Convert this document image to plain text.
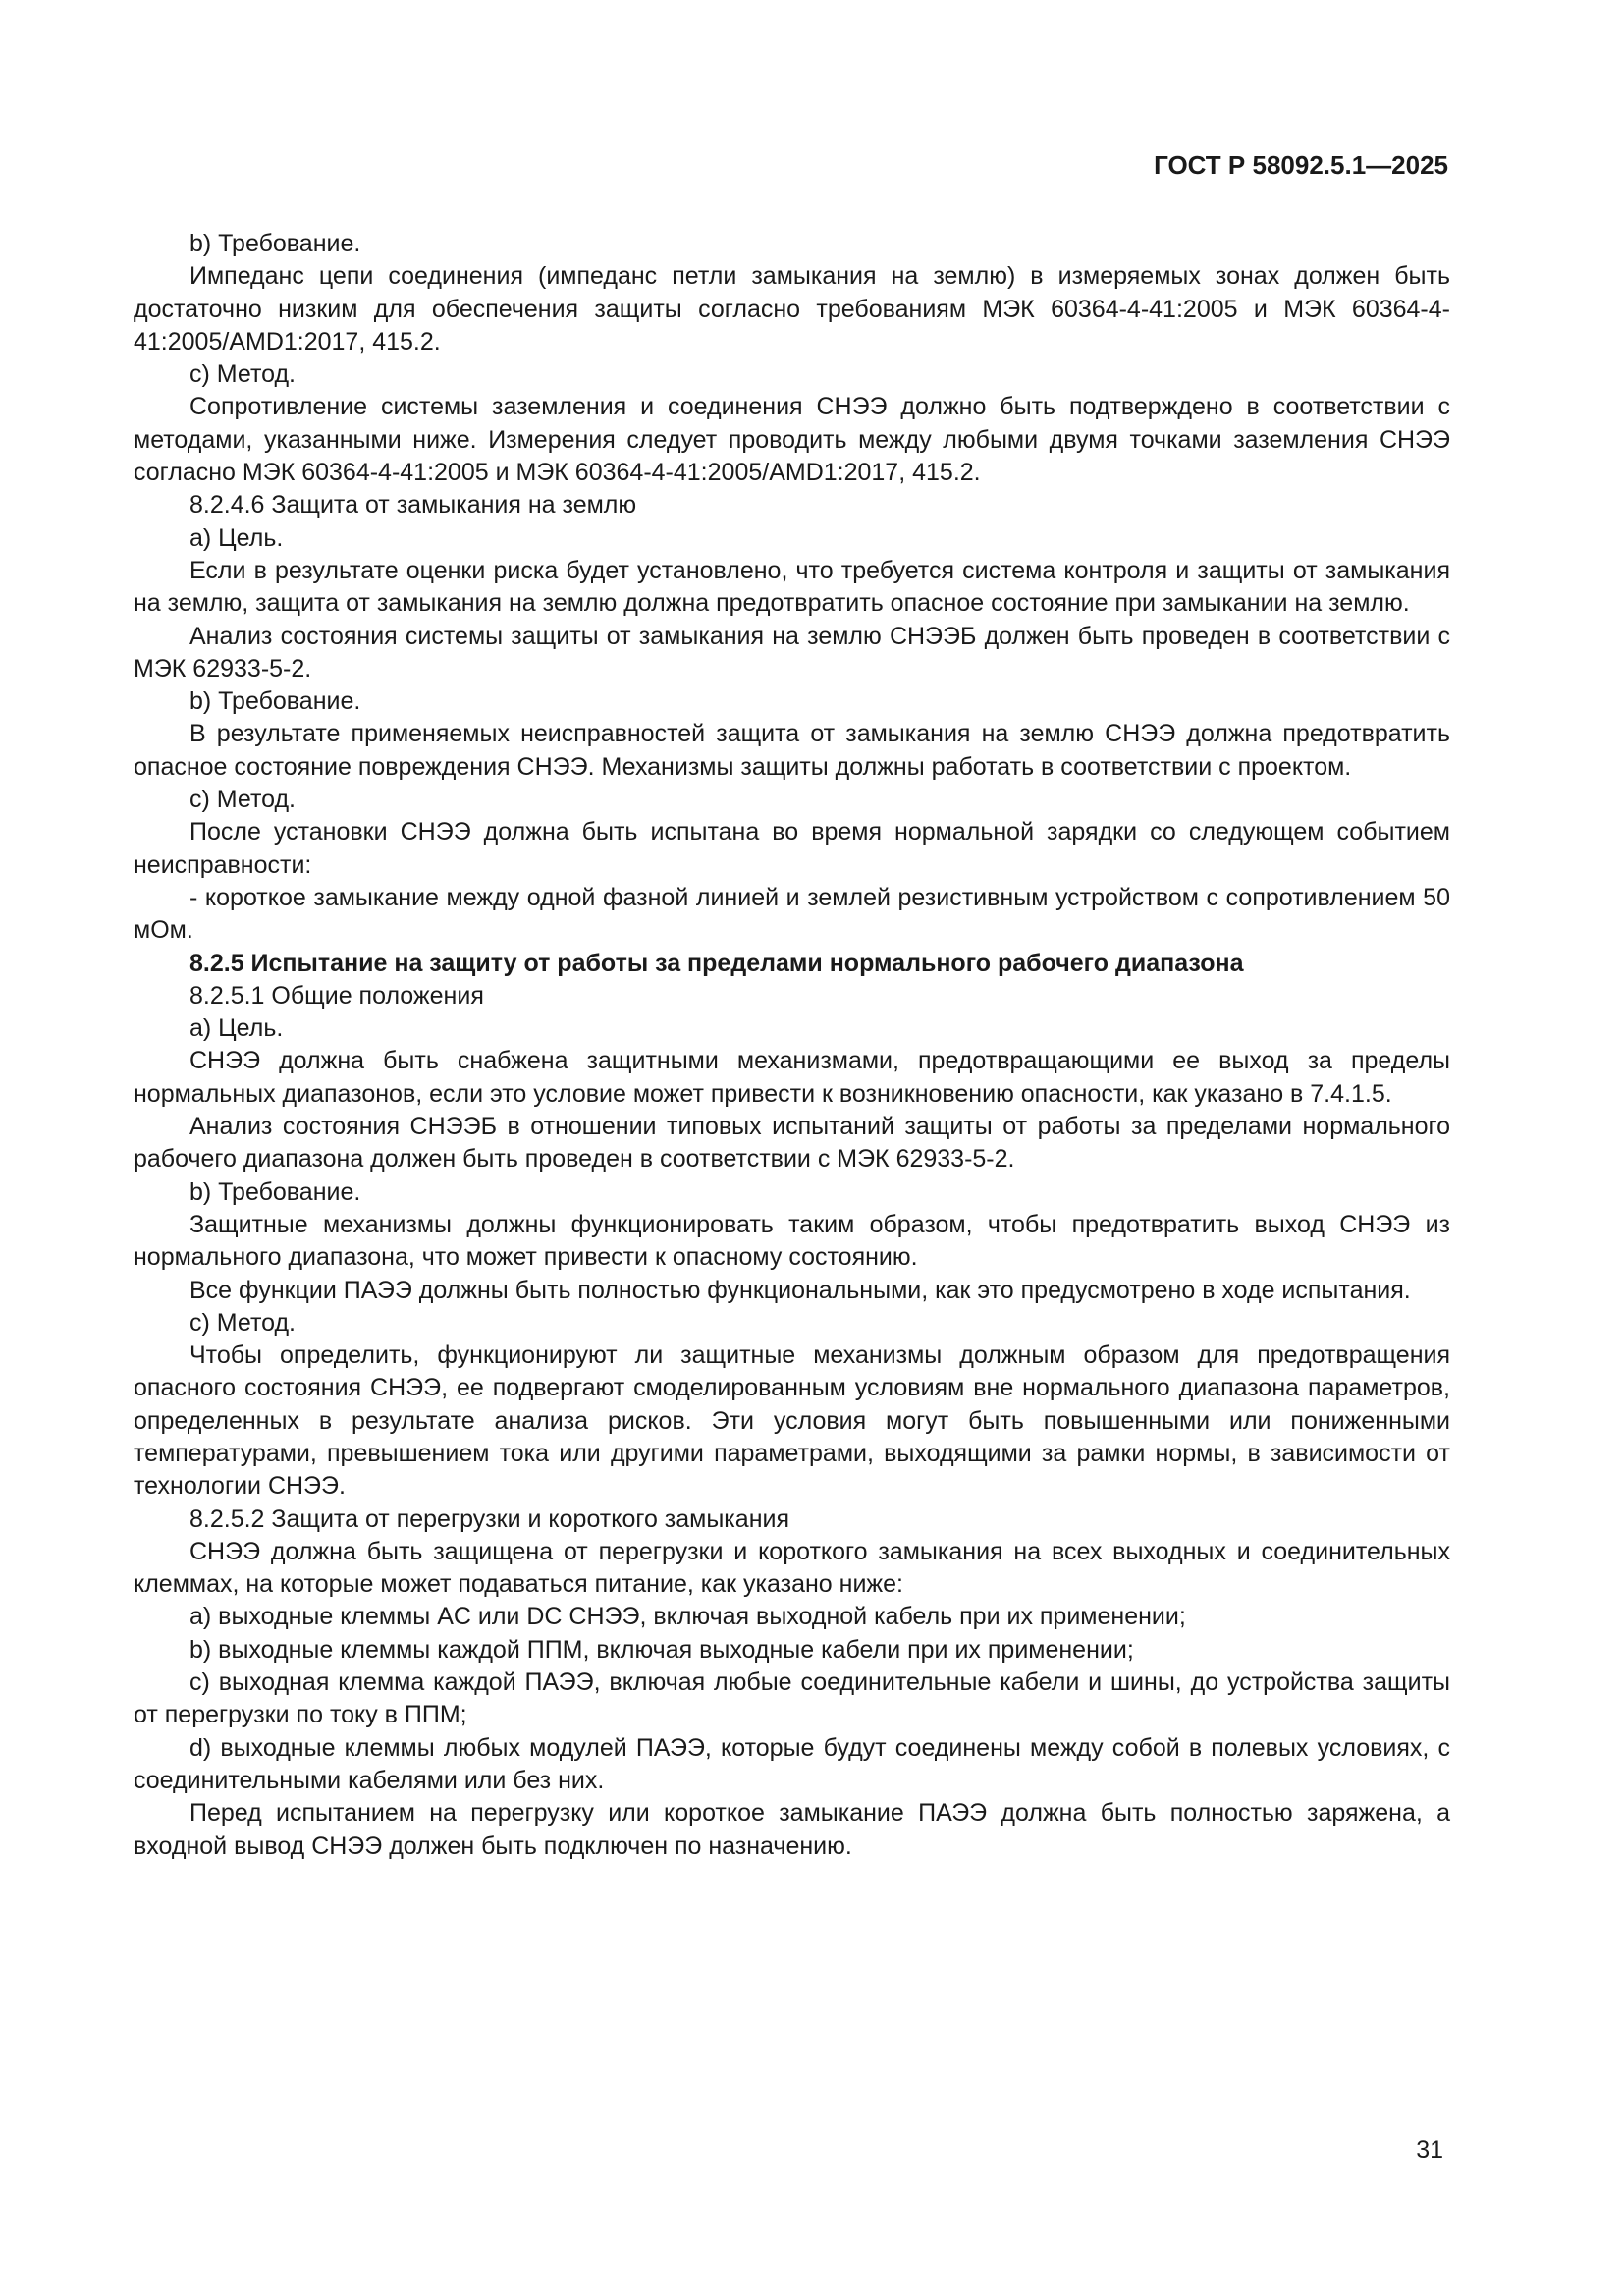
ГОСТ Р 58092.5.1—2025

b) Требование.

Импеданс цепи соединения (импеданс петли замыкания на землю) в измеряемых зонах должен быть достаточно низким для обеспечения защиты согласно требованиям МЭК 60364-4-41:2005 и МЭК 60364-4-41:2005/AMD1:2017, 415.2.

c) Метод.

Сопротивление системы заземления и соединения СНЭЭ должно быть подтверждено в соответствии с методами, указанными ниже. Измерения следует проводить между любыми двумя точками заземления СНЭЭ согласно МЭК 60364-4-41:2005 и МЭК 60364-4-41:2005/AMD1:2017, 415.2.

8.2.4.6 Защита от замыкания на землю

a) Цель.

Если в результате оценки риска будет установлено, что требуется система контроля и защиты от замыкания на землю, защита от замыкания на землю должна предотвратить опасное состояние при замыкании на землю.

Анализ состояния системы защиты от замыкания на землю СНЭЭБ должен быть проведен в соответствии с МЭК 62933-5-2.

b) Требование.

В результате применяемых неисправностей защита от замыкания на землю СНЭЭ должна предотвратить опасное состояние повреждения СНЭЭ. Механизмы защиты должны работать в соответствии с проектом.

c) Метод.

После установки СНЭЭ должна быть испытана во время нормальной зарядки со следующем событием неисправности:

- короткое замыкание между одной фазной линией и землей резистивным устройством с сопротивлением 50 мОм.

8.2.5 Испытание на защиту от работы за пределами нормального рабочего диапазона

8.2.5.1 Общие положения

a) Цель.

СНЭЭ должна быть снабжена защитными механизмами, предотвращающими ее выход за пределы нормальных диапазонов, если это условие может привести к возникновению опасности, как указано в 7.4.1.5.

Анализ состояния СНЭЭБ в отношении типовых испытаний защиты от работы за пределами нормального рабочего диапазона должен быть проведен в соответствии с МЭК 62933-5-2.

b) Требование.

Защитные механизмы должны функционировать таким образом, чтобы предотвратить выход СНЭЭ из нормального диапазона, что может привести к опасному состоянию.

Все функции ПАЭЭ должны быть полностью функциональными, как это предусмотрено в ходе испытания.

c) Метод.

Чтобы определить, функционируют ли защитные механизмы должным образом для предотвращения опасного состояния СНЭЭ, ее подвергают смоделированным условиям вне нормального диапазона параметров, определенных в результате анализа рисков. Эти условия могут быть повышенными или пониженными температурами, превышением тока или другими параметрами, выходящими за рамки нормы, в зависимости от технологии СНЭЭ.

8.2.5.2 Защита от перегрузки и короткого замыкания

СНЭЭ должна быть защищена от перегрузки и короткого замыкания на всех выходных и соединительных клеммах, на которые может подаваться питание, как указано ниже:

a) выходные клеммы AC или DC СНЭЭ, включая выходной кабель при их применении;

b) выходные клеммы каждой ППМ, включая выходные кабели при их применении;

c) выходная клемма каждой ПАЭЭ, включая любые соединительные кабели и шины, до устройства защиты от перегрузки по току в ППМ;

d) выходные клеммы любых модулей ПАЭЭ, которые будут соединены между собой в полевых условиях, с соединительными кабелями или без них.

Перед испытанием на перегрузку или короткое замыкание ПАЭЭ должна быть полностью заряжена, а входной вывод СНЭЭ должен быть подключен по назначению.

31
